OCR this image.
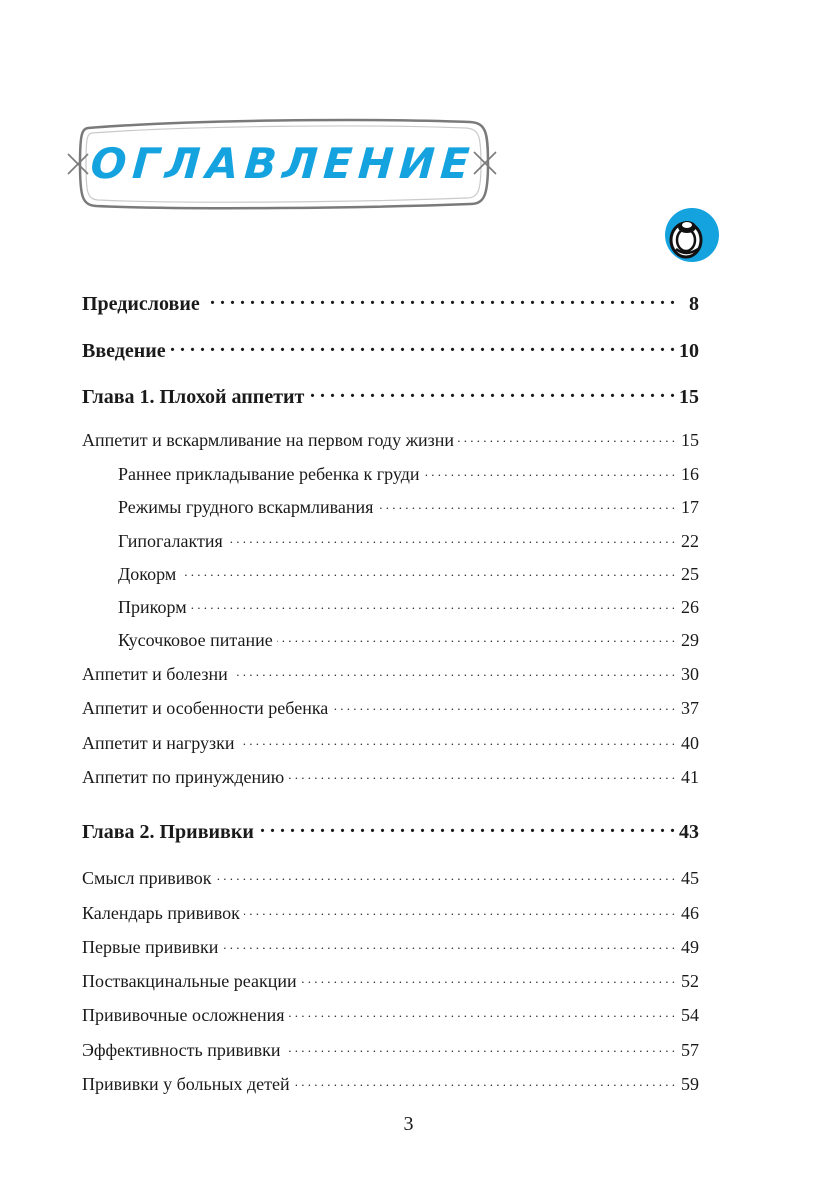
ОГЛАВЛЕНИЕ
Предисловие . . .	8
Введение . . .	10
Глава 1. Плохой аппетит . . .	15
Аппетит и вскармливание на первом году жизни . . .	15
Раннее прикладывание ребенка к груди . . .	16
Режимы грудного вскармливания . . .	17
Гипогалактия . . .	22
Докорм . . .	25
Прикорм . . .	26
Кусочковое питание . . .	29
Аппетит и болезни . . .	30
Аппетит и особенности ребенка . . .	37
Аппетит и нагрузки . . .	40
Аппетит по принуждению . . .	41
Глава 2. Прививки . . .	43
Смысл прививок . . .	45
Календарь прививок . . .	46
Первые прививки . . .	49
Поствакцинальные реакции . . .	52
Прививочные осложнения . . .	54
Эффективность прививки . . .	57
Прививки у больных детей . . .	59
3
